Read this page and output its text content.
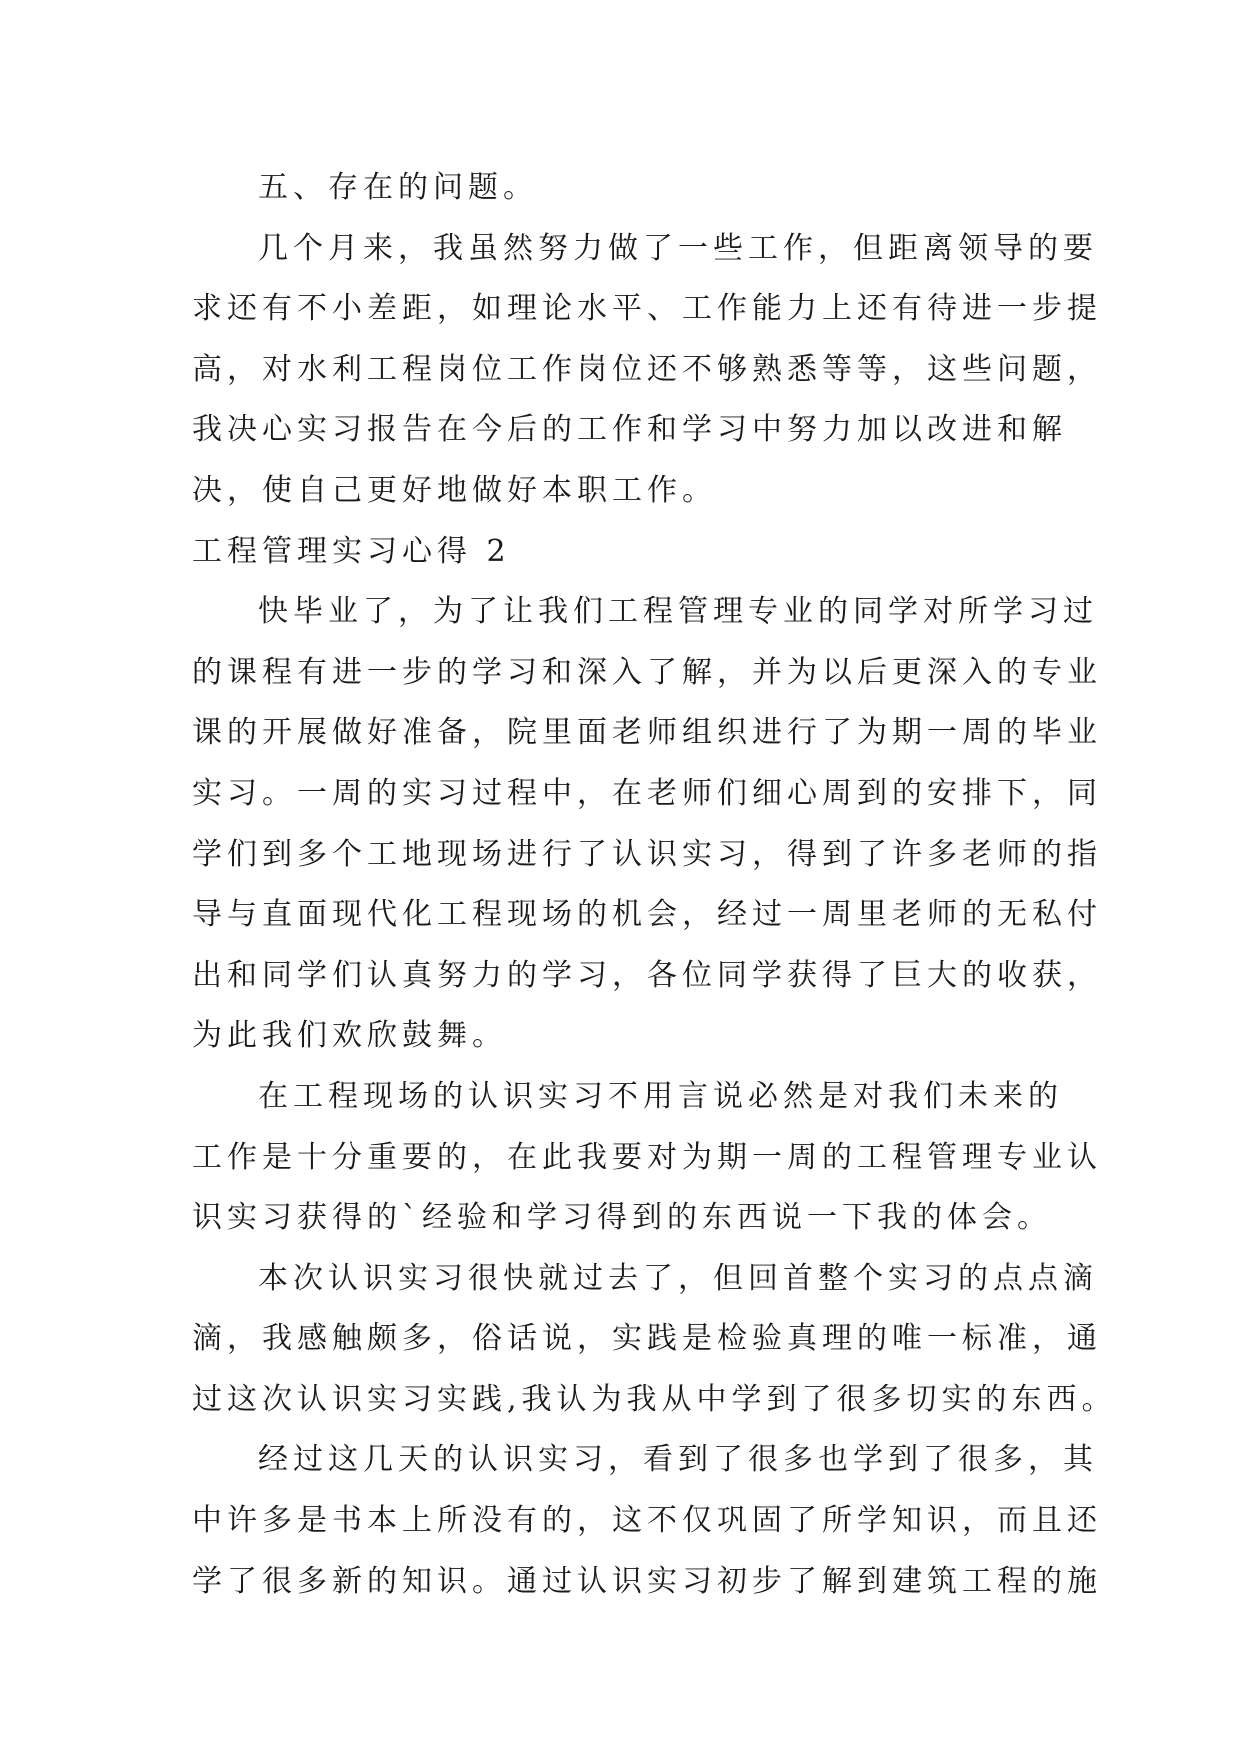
五、存在的问题。
几个月来，我虽然努力做了一些工作，但距离领导的要
求还有不小差距，如理论水平、工作能力上还有待进一步提
高，对水利工程岗位工作岗位还不够熟悉等等，这些问题，
我决心实习报告在今后的工作和学习中努力加以改进和解
决，使自己更好地做好本职工作。
工程管理实习心得 2
快毕业了，为了让我们工程管理专业的同学对所学习过
的课程有进一步的学习和深入了解，并为以后更深入的专业
课的开展做好准备，院里面老师组织进行了为期一周的毕业
实习。一周的实习过程中，在老师们细心周到的安排下，同
学们到多个工地现场进行了认识实习，得到了许多老师的指
导与直面现代化工程现场的机会，经过一周里老师的无私付
出和同学们认真努力的学习，各位同学获得了巨大的收获，
为此我们欢欣鼓舞。
在工程现场的认识实习不用言说必然是对我们未来的
工作是十分重要的，在此我要对为期一周的工程管理专业认
识实习获得的`经验和学习得到的东西说一下我的体会。
本次认识实习很快就过去了，但回首整个实习的点点滴
滴，我感触颇多，俗话说，实践是检验真理的唯一标准，通
过这次认识实习实践,我认为我从中学到了很多切实的东西。
经过这几天的认识实习，看到了很多也学到了很多，其
中许多是书本上所没有的，这不仅巩固了所学知识，而且还
学了很多新的知识。通过认识实习初步了解到建筑工程的施
